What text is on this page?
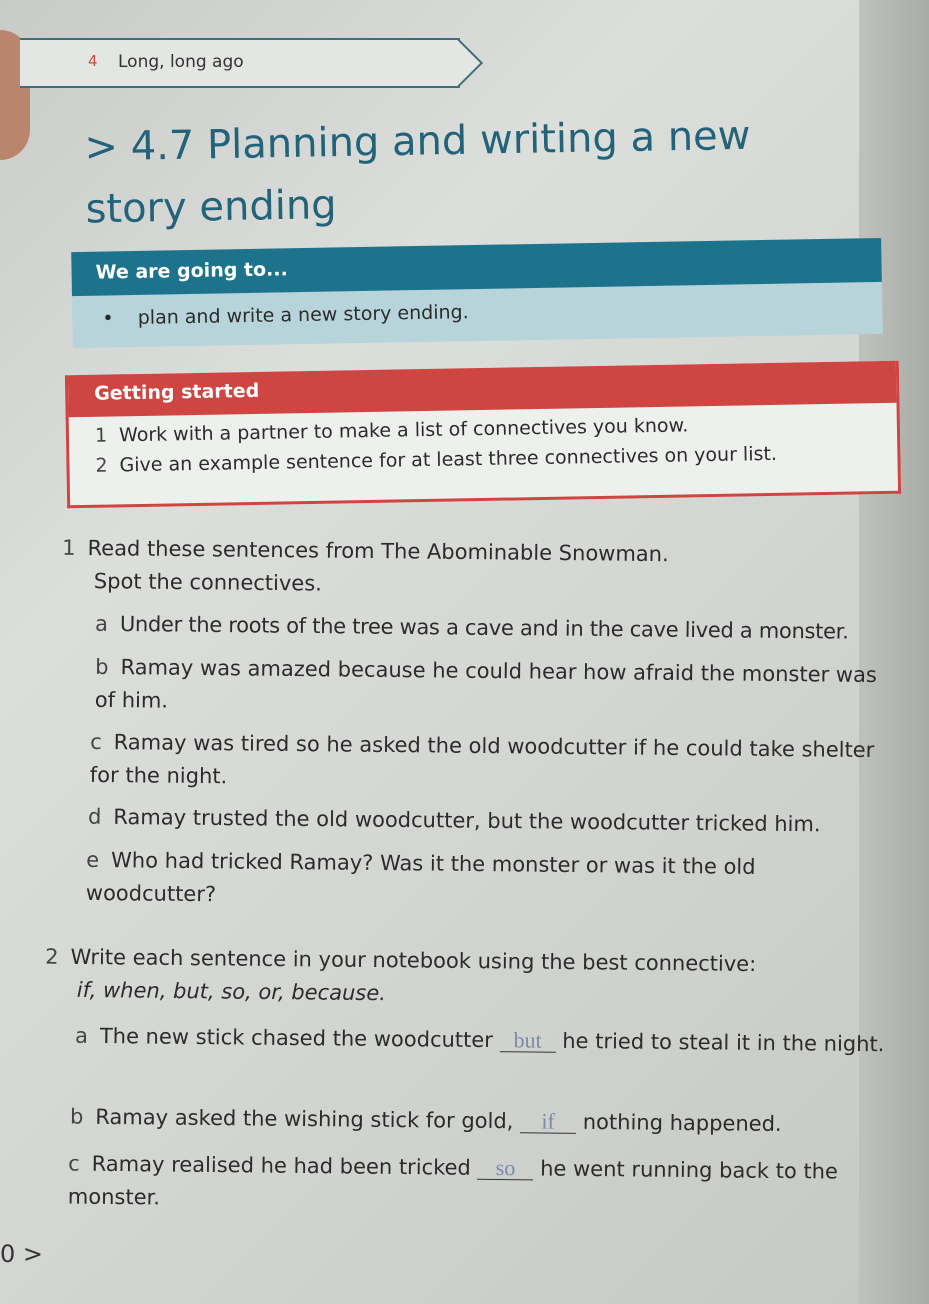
4 Long, long ago
> 4.7 Planning and writing a new story ending
We are going to...
•    plan and write a new story ending.
Getting started
1 Work with a partner to make a list of connectives you know.
2 Give an example sentence for at least three connectives on your list.
1 Read these sentences from The Abominable Snowman.
Spot the connectives.
a Under the roots of the tree was a cave and in the cave lived a monster.
b Ramay was amazed because he could hear how afraid the monster was of him.
c Ramay was tired so he asked the old woodcutter if he could take shelter for the night.
d Ramay trusted the old woodcutter, but the woodcutter tricked him.
e Who had tricked Ramay? Was it the monster or was it the old woodcutter?
2 Write each sentence in your notebook using the best connective:
if, when, but, so, or, because.
a The new stick chased the woodcutter but he tried to steal it in the night.
b Ramay asked the wishing stick for gold, if nothing happened.
c Ramay realised he had been tricked so he went running back to the monster.
0 >
